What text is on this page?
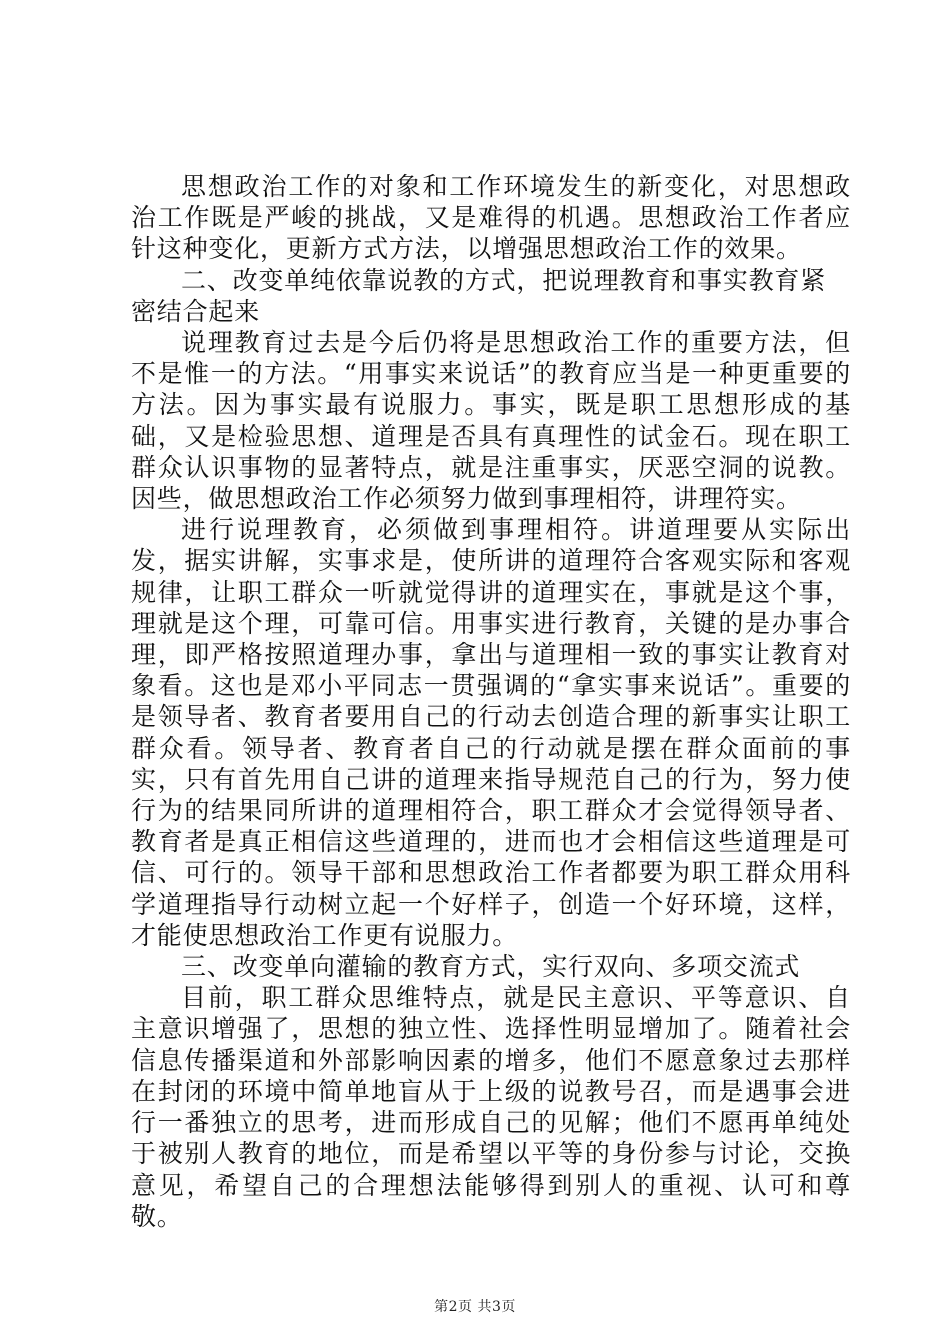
思想政治工作的对象和工作环境发生的新变化，对思想政治工作既是严峻的挑战，又是难得的机遇。思想政治工作者应针这种变化，更新方式方法，以增强思想政治工作的效果。

二、改变单纯依靠说教的方式，把说理教育和事实教育紧密结合起来

说理教育过去是今后仍将是思想政治工作的重要方法，但不是惟一的方法。“用事实来说话”的教育应当是一种更重要的方法。因为事实最有说服力。事实，既是职工思想形成的基础，又是检验思想、道理是否具有真理性的试金石。现在职工群众认识事物的显著特点，就是注重事实，厌恶空洞的说教。因些，做思想政治工作必须努力做到事理相符，讲理符实。

进行说理教育，必须做到事理相符。讲道理要从实际出发，据实讲解，实事求是，使所讲的道理符合客观实际和客观规律，让职工群众一听就觉得讲的道理实在，事就是这个事，理就是这个理，可靠可信。用事实进行教育，关键的是办事合理，即严格按照道理办事，拿出与道理相一致的事实让教育对象看。这也是邓小平同志一贯强调的“拿实事来说话”。重要的是领导者、教育者要用自己的行动去创造合理的新事实让职工群众看。领导者、教育者自己的行动就是摆在群众面前的事实，只有首先用自己讲的道理来指导规范自己的行为，努力使行为的结果同所讲的道理相符合，职工群众才会觉得领导者、教育者是真正相信这些道理的，进而也才会相信这些道理是可信、可行的。领导干部和思想政治工作者都要为职工群众用科学道理指导行动树立起一个好样子，创造一个好环境，这样，才能使思想政治工作更有说服力。

三、改变单向灌输的教育方式，实行双向、多项交流式

目前，职工群众思维特点，就是民主意识、平等意识、自主意识增强了，思想的独立性、选择性明显增加了。随着社会信息传播渠道和外部影响因素的增多，他们不愿意象过去那样在封闭的环境中简单地盲从于上级的说教号召，而是遇事会进行一番独立的思考，进而形成自己的见解；他们不愿再单纯处于被别人教育的地位，而是希望以平等的身份参与讨论，交换意见，希望自己的合理想法能够得到别人的重视、认可和尊敬。

第2页 共3页
